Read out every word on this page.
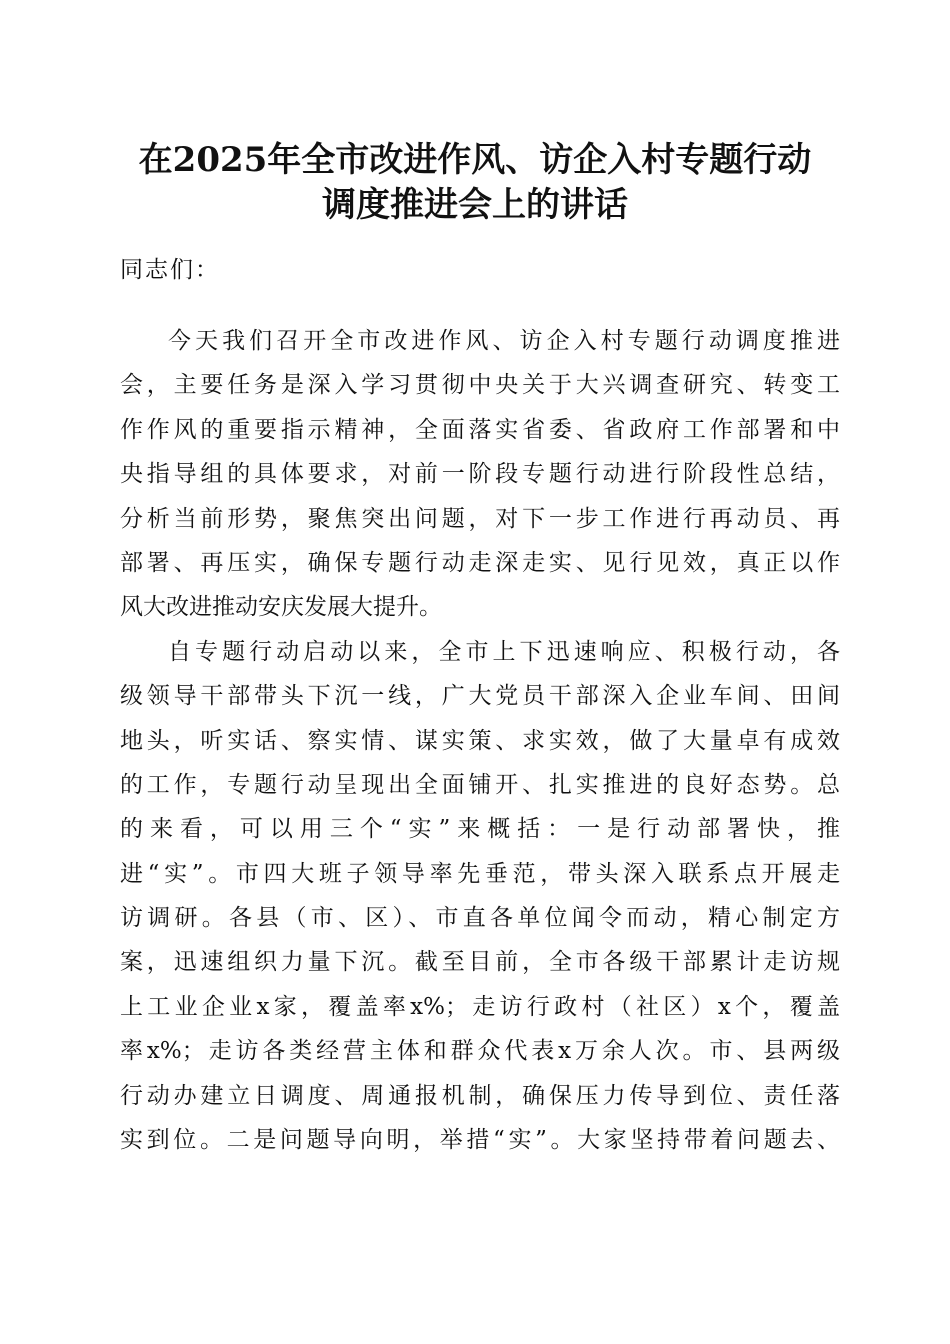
在2025年全市改进作风、访企入村专题行动
调度推进会上的讲话
同志们：
今天我们召开全市改进作风、访企入村专题行动调度推进
会，主要任务是深入学习贯彻中央关于大兴调查研究、转变工
作作风的重要指示精神，全面落实省委、省政府工作部署和中
央指导组的具体要求，对前一阶段专题行动进行阶段性总结，
分析当前形势，聚焦突出问题，对下一步工作进行再动员、再
部署、再压实，确保专题行动走深走实、见行见效，真正以作
风大改进推动安庆发展大提升。
自专题行动启动以来，全市上下迅速响应、积极行动，各
级领导干部带头下沉一线，广大党员干部深入企业车间、田间
地头，听实话、察实情、谋实策、求实效，做了大量卓有成效
的工作，专题行动呈现出全面铺开、扎实推进的良好态势。总
的来看，可以用三个“实”来概括：一是行动部署快，推
进“实”。市四大班子领导率先垂范，带头深入联系点开展走
访调研。各县（市、区）、市直各单位闻令而动，精心制定方
案，迅速组织力量下沉。截至目前，全市各级干部累计走访规
上工业企业x家，覆盖率x%；走访行政村（社区）x个，覆盖
率x%；走访各类经营主体和群众代表x万余人次。市、县两级
行动办建立日调度、周通报机制，确保压力传导到位、责任落
实到位。二是问题导向明，举措“实”。大家坚持带着问题去、
